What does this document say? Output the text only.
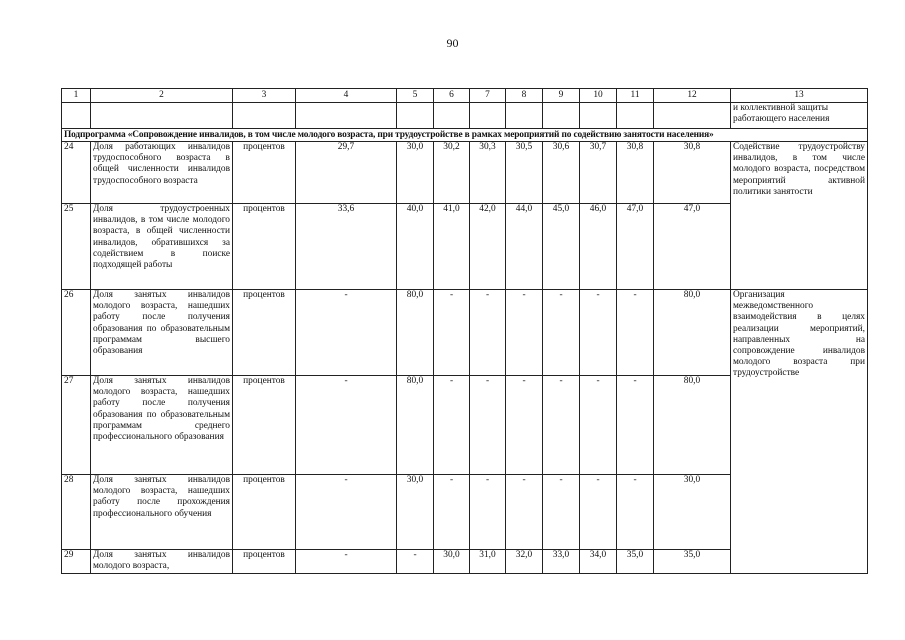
90
1	2	3	4	5	6	7	8	9	10	11	12	13	
												и коллективной защиты работающего населения	
Подпрограмма «Сопровождение инвалидов, в том числе молодого возраста, при трудоустройстве в рамках мероприятий по содействию занятости населения»													
24	Доля работающих инвалидов трудоспособного возраста в общей численности инвалидов трудоспособного возраста	процентов	29,7	30,0	30,2	30,3	30,5	30,6	30,7	30,8	30,8	Содействие трудоустройству инвалидов, в том числе молодого возраста, посредством мероприятий активной политики занятости	
25	Доля трудоустроенных инвалидов, в том числе молодого возраста, в общей численности инвалидов, обратившихся за содействием в поиске подходящей работы	процентов	33,6	40,0	41,0	42,0	44,0	45,0	46,0	47,0	47,0		
26	Доля занятых инвалидов молодого возраста, нашедших работу после получения образования по образовательным программам высшего образования	процентов	-	80,0	-	-	-	-	-	-	80,0	Организация межведомственного взаимодействия в целях реализации мероприятий, направленных на сопровождение инвалидов молодого возраста при трудоустройстве	
27	Доля занятых инвалидов молодого возраста, нашедших работу после получения образования по образовательным программам среднего профессионального образования	процентов	-	80,0	-	-	-	-	-	-	80,0		
28	Доля занятых инвалидов молодого возраста, нашедших работу после прохождения профессионального обучения	процентов	-	30,0	-	-	-	-	-	-	30,0		
29	Доля занятых инвалидов молодого возраста,	процентов	-	-	30,0	31,0	32,0	33,0	34,0	35,0	35,0		
